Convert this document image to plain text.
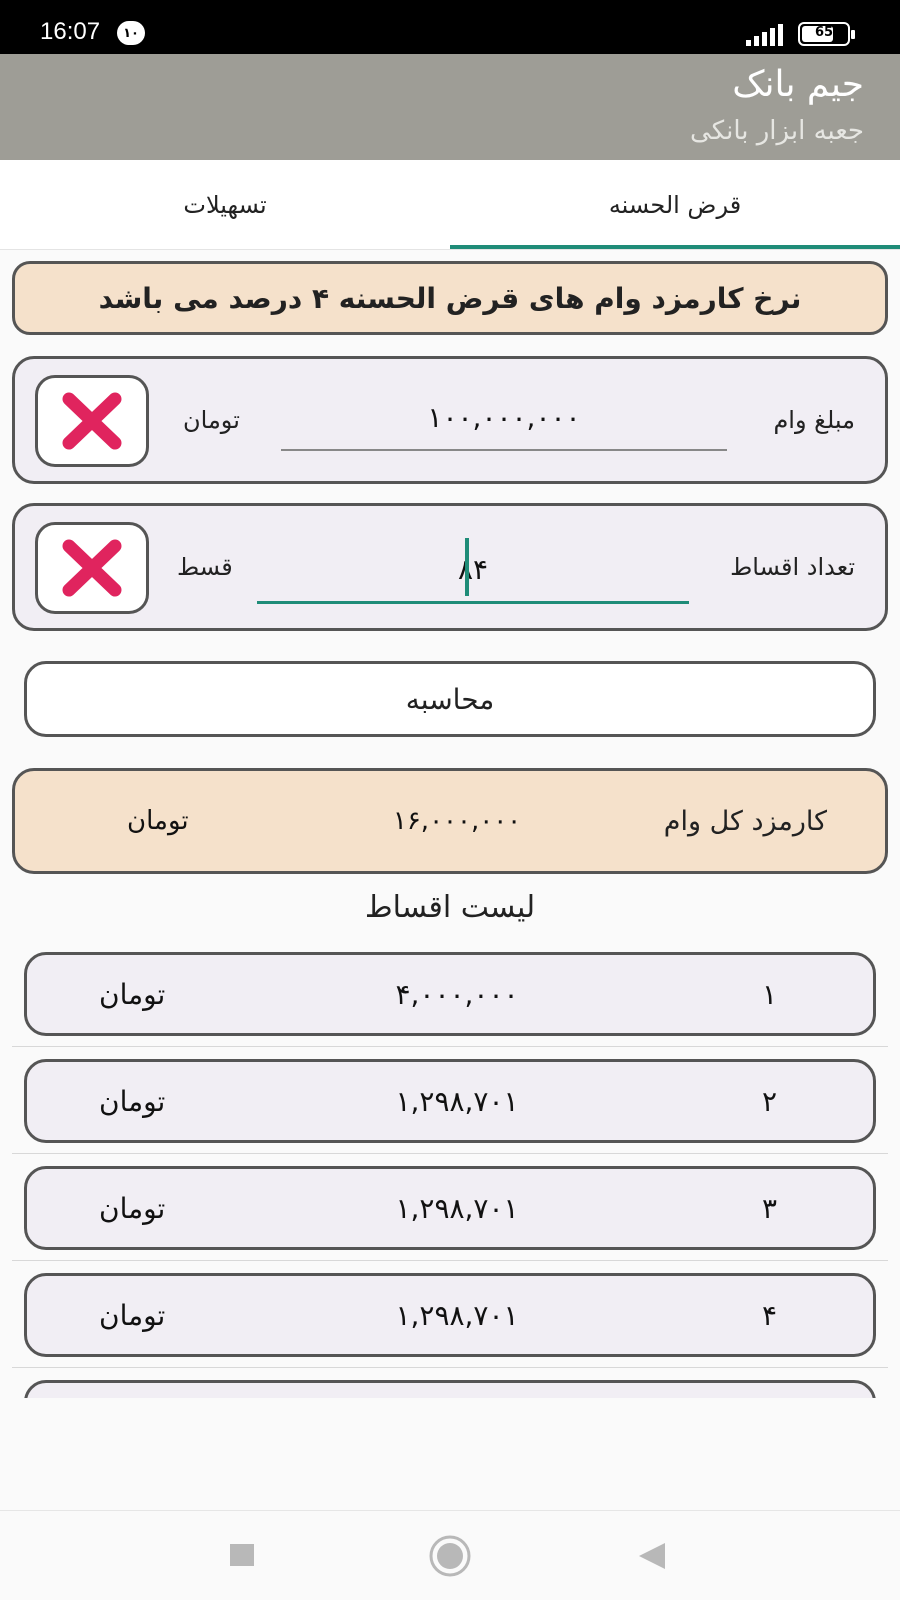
16:07	۱۰	65
جیم بانک
جعبه ابزار بانکی
قرض الحسنه
تسهیلات
نرخ کارمزد وام های قرض الحسنه ۴ درصد می باشد
مبلغ وام
۱۰۰,۰۰۰,۰۰۰
تومان
تعداد اقساط
۸۴
قسط
محاسبه
کارمزد کل وام
۱۶,۰۰۰,۰۰۰
تومان
لیست اقساط
۱
۴,۰۰۰,۰۰۰
تومان
۲
۱,۲۹۸,۷۰۱
تومان
۳
۱,۲۹۸,۷۰۱
تومان
۴
۱,۲۹۸,۷۰۱
تومان
